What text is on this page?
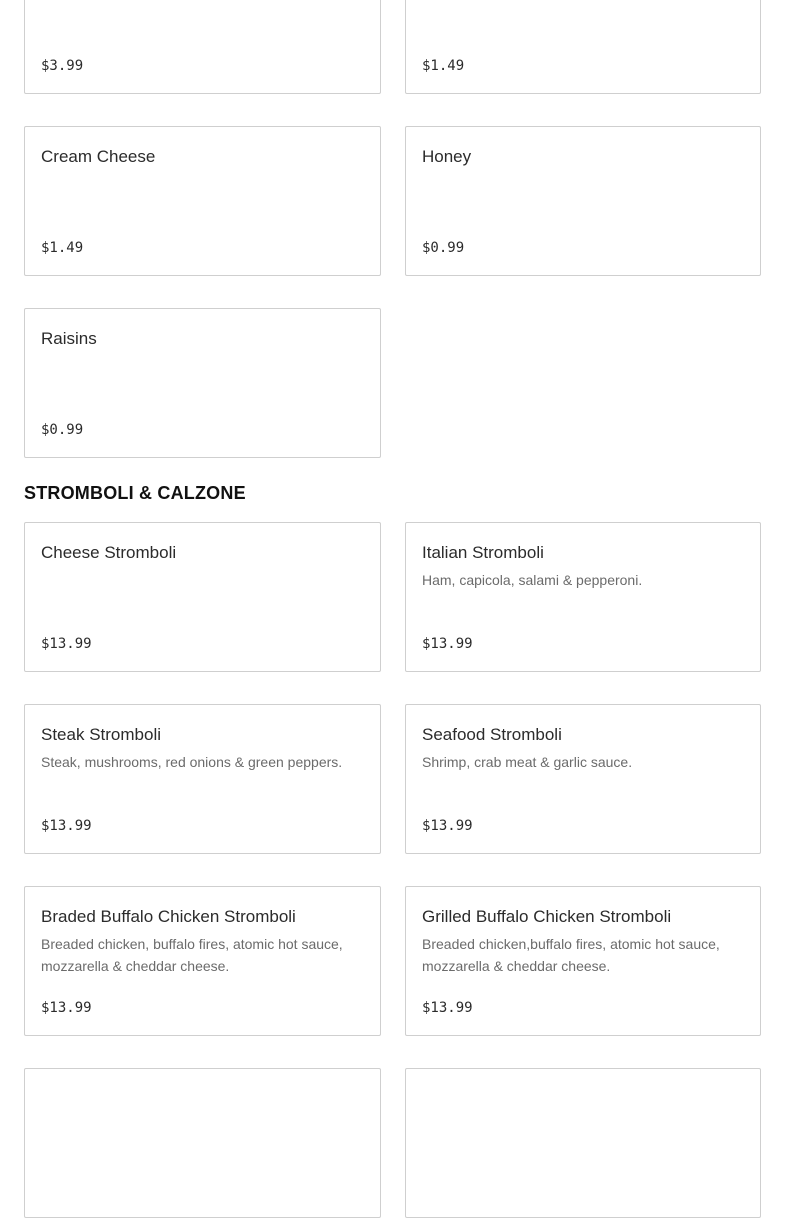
$3.99	$1.49
Cream Cheese
$1.49
Honey
$0.99
Raisins
$0.99
STROMBOLI & CALZONE
Cheese Stromboli
$13.99
Italian Stromboli
Ham, capicola, salami & pepperoni.
$13.99
Steak Stromboli
Steak, mushrooms, red onions & green peppers.
$13.99
Seafood Stromboli
Shrimp, crab meat & garlic sauce.
$13.99
Braded Buffalo Chicken Stromboli
Breaded chicken, buffalo fires, atomic hot sauce, mozzarella & cheddar cheese.
$13.99
Grilled Buffalo Chicken Stromboli
Breaded chicken,buffalo fires, atomic hot sauce, mozzarella & cheddar cheese.
$13.99
